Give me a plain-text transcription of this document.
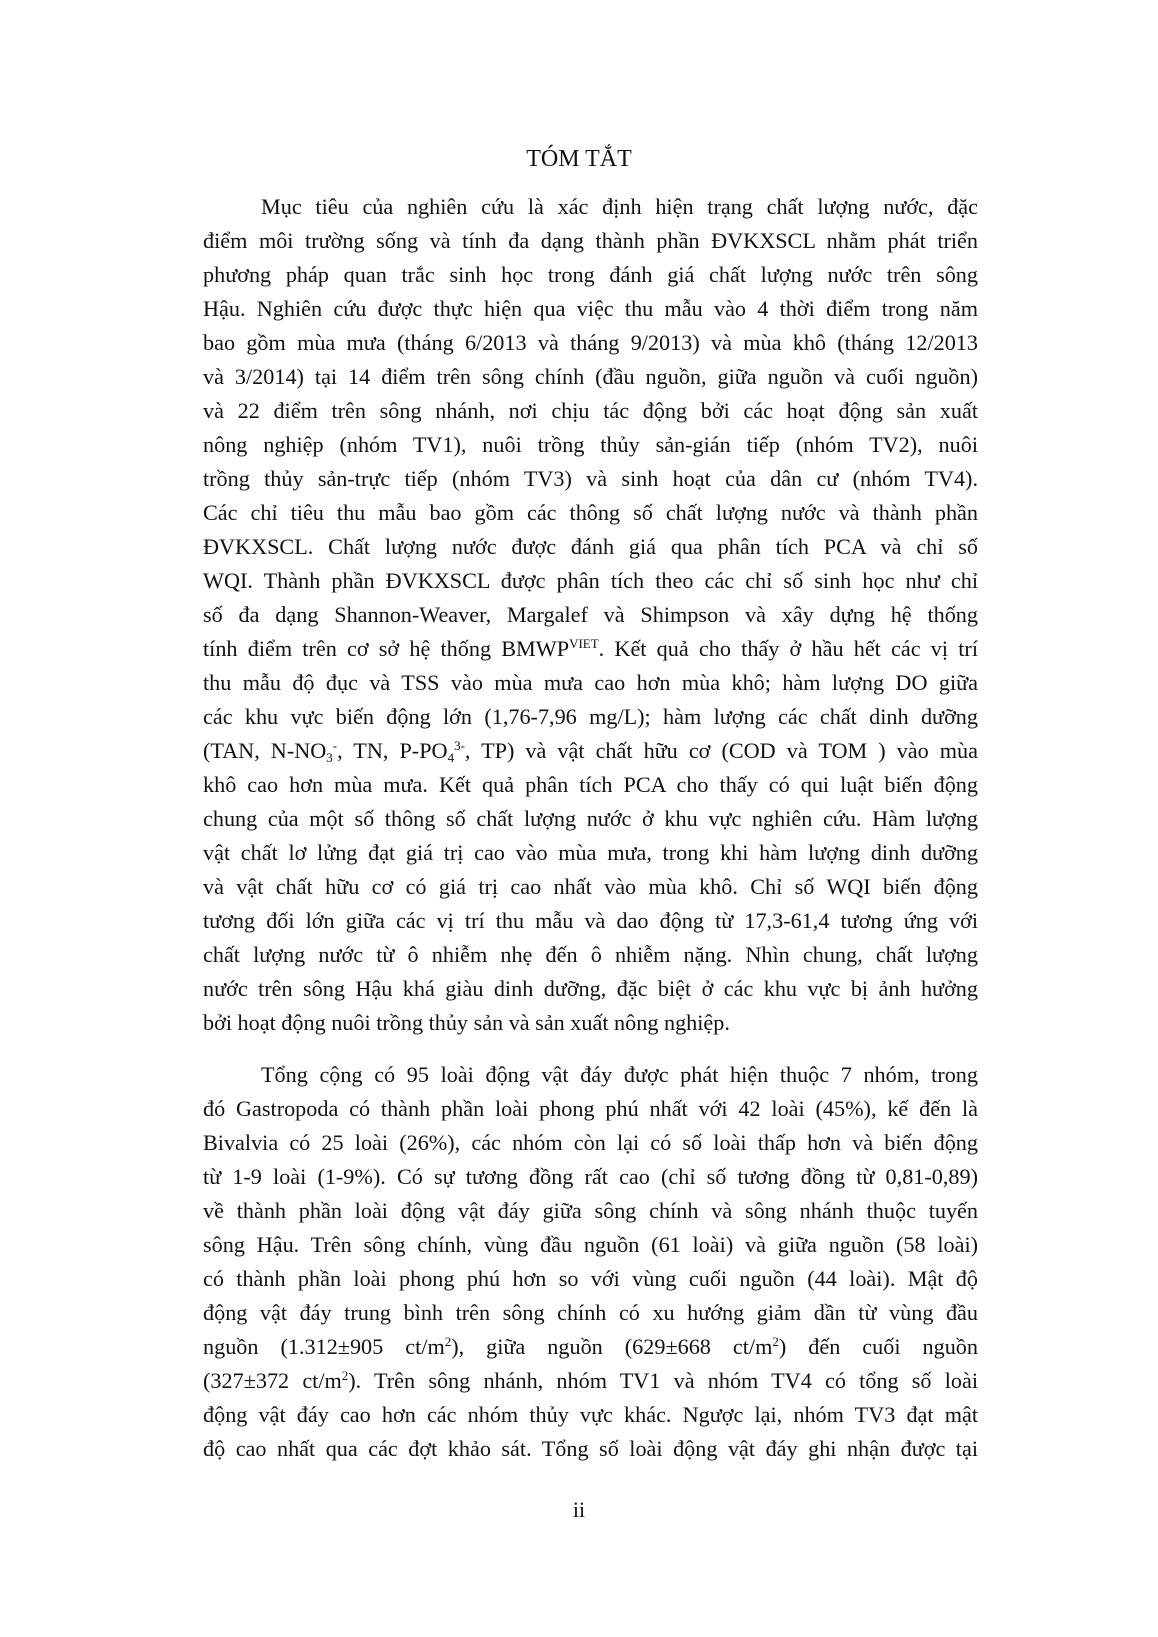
TÓM TẮT
Mục tiêu của nghiên cứu là xác định hiện trạng chất lượng nước, đặc
điểm môi trường sống và tính đa dạng thành phần ĐVKXSCL nhằm phát triển
phương pháp quan trắc sinh học trong đánh giá chất lượng nước trên sông
Hậu. Nghiên cứu được thực hiện qua việc thu mẫu vào 4 thời điểm trong năm
bao gồm mùa mưa (tháng 6/2013 và tháng 9/2013) và mùa khô (tháng 12/2013
và 3/2014) tại 14 điểm trên sông chính (đầu nguồn, giữa nguồn và cuối nguồn)
và 22 điểm trên sông nhánh, nơi chịu tác động bởi các hoạt động sản xuất
nông nghiệp (nhóm TV1), nuôi trồng thủy sản-gián tiếp (nhóm TV2), nuôi
trồng thủy sản-trực tiếp (nhóm TV3) và sinh hoạt của dân cư (nhóm TV4).
Các chỉ tiêu thu mẫu bao gồm các thông số chất lượng nước và thành phần
ĐVKXSCL. Chất lượng nước được đánh giá qua phân tích PCA và chỉ số
WQI. Thành phần ĐVKXSCL được phân tích theo các chỉ số sinh học như chỉ
số đa dạng Shannon-Weaver, Margalef và Shimpson và xây dựng hệ thống
tính điểm trên cơ sở hệ thống $BMWP^{VIET}$. Kết quả cho thấy ở hầu hết các vị trí
thu mẫu độ đục và TSS vào mùa mưa cao hơn mùa khô; hàm lượng DO giữa
các khu vực biến động lớn (1,76-7,96 mg/L); hàm lượng các chất dinh dưỡng
(TAN, $N-NO_3^-$, TN, $P-PO_4^{3-}$, TP) và vật chất hữu cơ (COD và TOM ) vào mùa
khô cao hơn mùa mưa. Kết quả phân tích PCA cho thấy có qui luật biến động
chung của một số thông số chất lượng nước ở khu vực nghiên cứu. Hàm lượng
vật chất lơ lửng đạt giá trị cao vào mùa mưa, trong khi hàm lượng dinh dưỡng
và vật chất hữu cơ có giá trị cao nhất vào mùa khô. Chỉ số WQI biến động
tương đối lớn giữa các vị trí thu mẫu và dao động từ 17,3-61,4 tương ứng với
chất lượng nước từ ô nhiễm nhẹ đến ô nhiễm nặng. Nhìn chung, chất lượng
nước trên sông Hậu khá giàu dinh dưỡng, đặc biệt ở các khu vực bị ảnh hưởng
bởi hoạt động nuôi trồng thủy sản và sản xuất nông nghiệp.
Tổng cộng có 95 loài động vật đáy được phát hiện thuộc 7 nhóm, trong
đó Gastropoda có thành phần loài phong phú nhất với 42 loài (45%), kế đến là
Bivalvia có 25 loài (26%), các nhóm còn lại có số loài thấp hơn và biến động
từ 1-9 loài (1-9%). Có sự tương đồng rất cao (chỉ số tương đồng từ 0,81-0,89)
về thành phần loài động vật đáy giữa sông chính và sông nhánh thuộc tuyến
sông Hậu. Trên sông chính, vùng đầu nguồn (61 loài) và giữa nguồn (58 loài)
có thành phần loài phong phú hơn so với vùng cuối nguồn (44 loài). Mật độ
động vật đáy trung bình trên sông chính có xu hướng giảm dần từ vùng đầu
nguồn (1.312±905 $ct/m^2$), giữa nguồn (629±668 $ct/m^2$) đến cuối nguồn
(327±372 $ct/m^2$). Trên sông nhánh, nhóm TV1 và nhóm TV4 có tổng số loài
động vật đáy cao hơn các nhóm thủy vực khác. Ngược lại, nhóm TV3 đạt mật
độ cao nhất qua các đợt khảo sát. Tổng số loài động vật đáy ghi nhận được tại
ii
